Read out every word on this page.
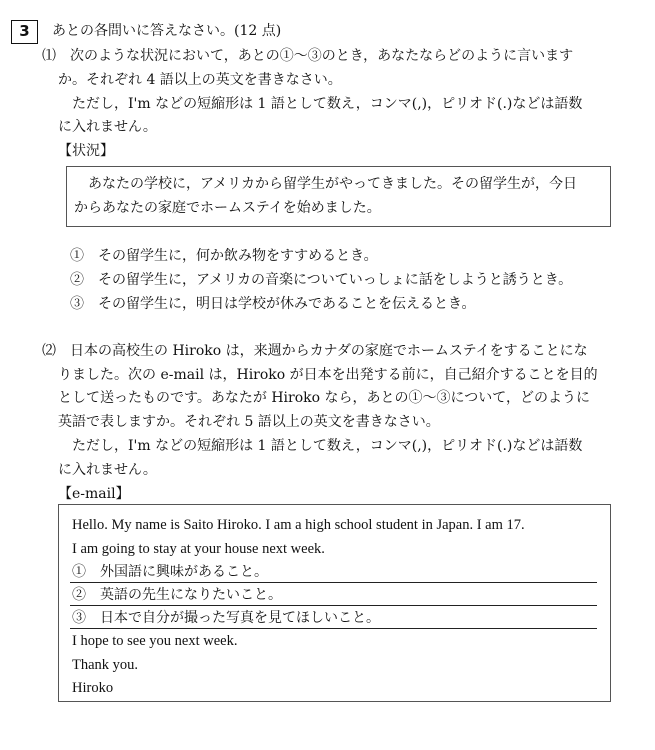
3	あとの各問いに答えなさい。(12 点)
⑴　次のような状況において，あとの①〜③のとき，あなたならどのように言います
か。それぞれ 4 語以上の英文を書きなさい。
　ただし，I'm などの短縮形は 1 語として数え，コンマ(,)，ピリオド(.)などは語数
に入れません。
【状況】
　あなたの学校に，アメリカから留学生がやってきました。その留学生が，今日
からあなたの家庭でホームステイを始めました。
①　その留学生に，何か飲み物をすすめるとき。
②　その留学生に，アメリカの音楽についていっしょに話をしようと誘うとき。
③　その留学生に，明日は学校が休みであることを伝えるとき。
⑵　日本の高校生の Hiroko は，来週からカナダの家庭でホームステイをすることにな
りました。次の e-mail は，Hiroko が日本を出発する前に，自己紹介することを目的
として送ったものです。あなたが Hiroko なら，あとの①〜③について，どのように
英語で表しますか。それぞれ 5 語以上の英文を書きなさい。
　ただし，I'm などの短縮形は 1 語として数え，コンマ(,)，ピリオド(.)などは語数
に入れません。
【e-mail】
Hello. My name is Saito Hiroko. I am a high school student in Japan. I am 17.
I am going to stay at your house next week.
①　外国語に興味があること。
②　英語の先生になりたいこと。
③　日本で自分が撮った写真を見てほしいこと。
I hope to see you next week.
Thank you.
Hiroko
